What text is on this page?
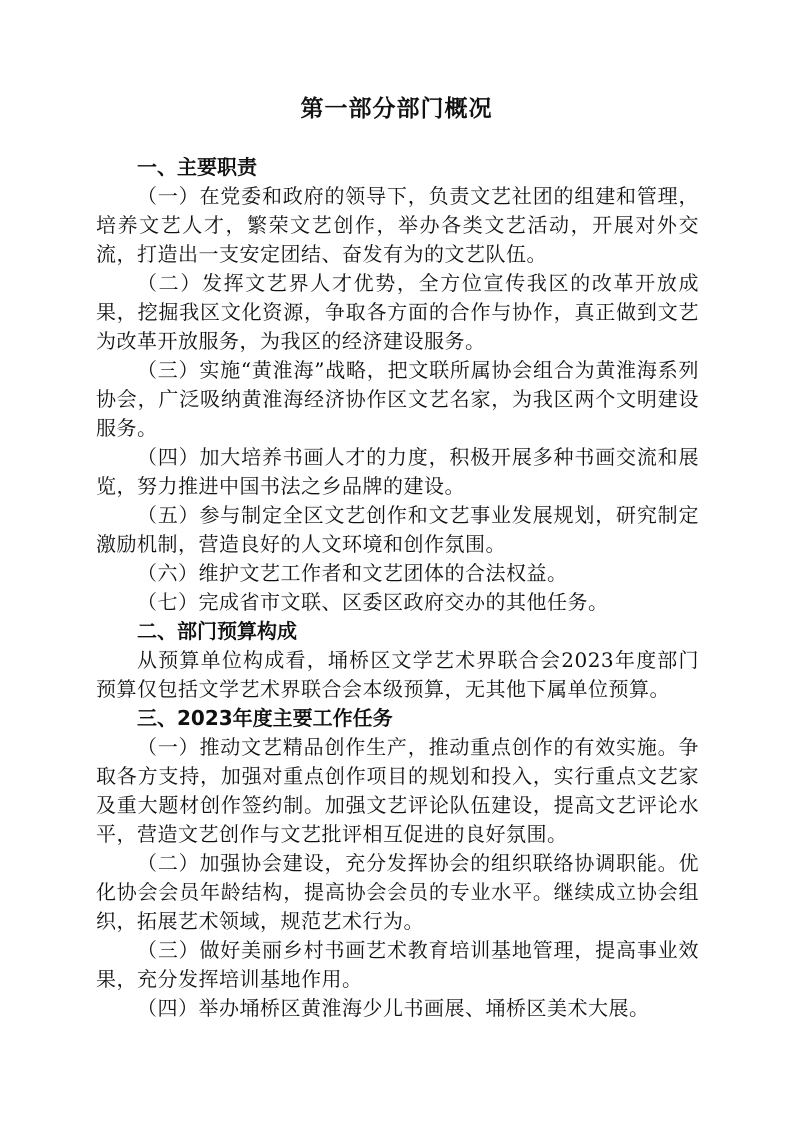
第一部分部门概况
一、主要职责

（一）在党委和政府的领导下，负责文艺社团的组建和管理，培养文艺人才，繁荣文艺创作，举办各类文艺活动，开展对外交流，打造出一支安定团结、奋发有为的文艺队伍。

（二）发挥文艺界人才优势，全方位宣传我区的改革开放成果，挖掘我区文化资源，争取各方面的合作与协作，真正做到文艺为改革开放服务，为我区的经济建设服务。

（三）实施“黄淮海”战略，把文联所属协会组合为黄淮海系列协会，广泛吸纳黄淮海经济协作区文艺名家，为我区两个文明建设服务。

（四）加大培养书画人才的力度，积极开展多种书画交流和展览，努力推进中国书法之乡品牌的建设。

（五）参与制定全区文艺创作和文艺事业发展规划，研究制定激励机制，营造良好的人文环境和创作氛围。

（六）维护文艺工作者和文艺团体的合法权益。

（七）完成省市文联、区委区政府交办的其他任务。

二、部门预算构成

从预算单位构成看，埇桥区文学艺术界联合会2023年度部门预算仅包括文学艺术界联合会本级预算，无其他下属单位预算。

三、2023年度主要工作任务

（一）推动文艺精品创作生产，推动重点创作的有效实施。争取各方支持，加强对重点创作项目的规划和投入，实行重点文艺家及重大题材创作签约制。加强文艺评论队伍建设，提高文艺评论水平，营造文艺创作与文艺批评相互促进的良好氛围。

（二）加强协会建设，充分发挥协会的组织联络协调职能。优化协会会员年龄结构，提高协会会员的专业水平。继续成立协会组织，拓展艺术领域，规范艺术行为。

（三）做好美丽乡村书画艺术教育培训基地管理，提高事业效果，充分发挥培训基地作用。

（四）举办埇桥区黄淮海少儿书画展、埇桥区美术大展。
